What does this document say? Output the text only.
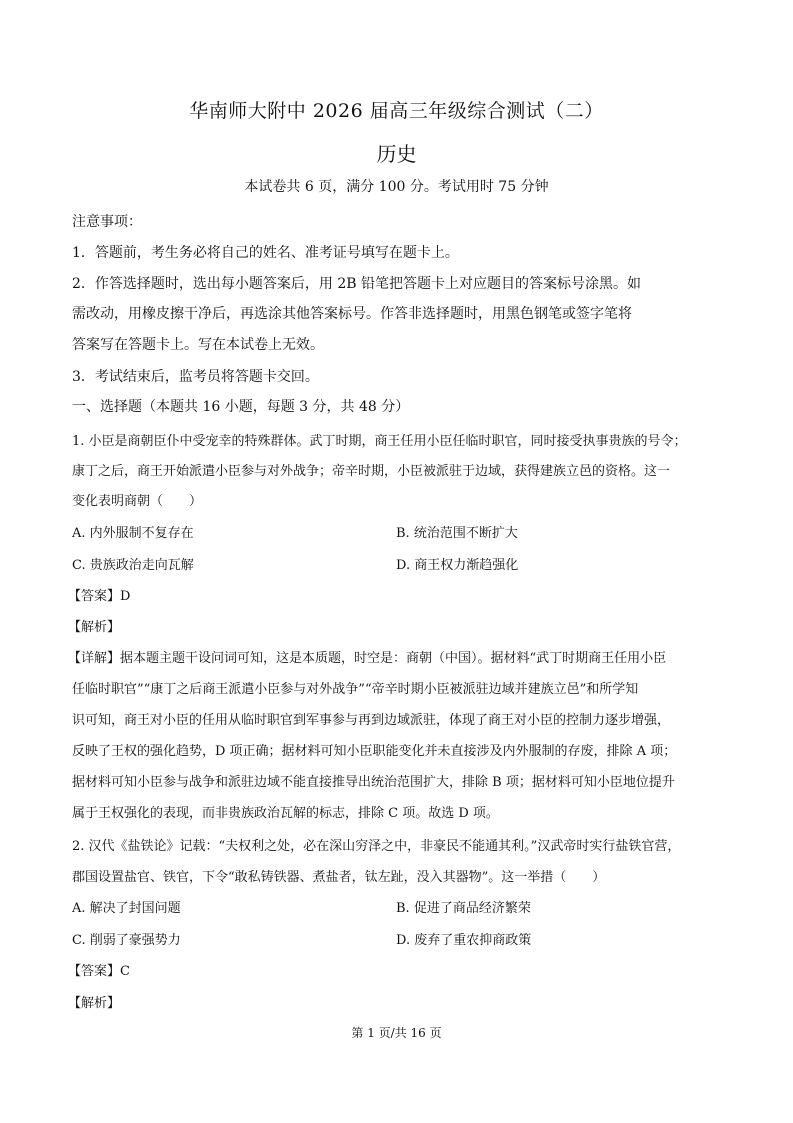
华南师大附中 2026 届高三年级综合测试（二）
历史
本试卷共 6 页，满分 100 分。考试用时 75 分钟
注意事项：
1．答题前，考生务必将自己的姓名、准考证号填写在题卡上。
2．作答选择题时，选出每小题答案后，用 2B 铅笔把答题卡上对应题目的答案标号涂黑。如
需改动，用橡皮擦干净后，再选涂其他答案标号。作答非选择题时，用黑色钢笔或签字笔将
答案写在答题卡上。写在本试卷上无效。
3．考试结束后，监考员将答题卡交回。
一、选择题（本题共 16 小题，每题 3 分，共 48 分）
1. 小臣是商朝臣仆中受宠幸的特殊群体。武丁时期，商王任用小臣任临时职官，同时接受执事贵族的号令；
康丁之后，商王开始派遣小臣参与对外战争；帝辛时期，小臣被派驻于边域，获得建族立邑的资格。这一
变化表明商朝（　　）
A. 内外服制不复存在	B. 统治范围不断扩大
C. 贵族政治走向瓦解	D. 商王权力渐趋强化
【答案】D
【解析】
【详解】据本题主题干设问词可知，这是本质题，时空是：商朝（中国）。据材料“武丁时期商王任用小臣
任临时职官”“康丁之后商王派遣小臣参与对外战争”“帝辛时期小臣被派驻边域并建族立邑”和所学知
识可知，商王对小臣的任用从临时职官到军事参与再到边域派驻，体现了商王对小臣的控制力逐步增强，
反映了王权的强化趋势，D 项正确；据材料可知小臣职能变化并未直接涉及内外服制的存废，排除 A 项；
据材料可知小臣参与战争和派驻边域不能直接推导出统治范围扩大，排除 B 项；据材料可知小臣地位提升
属于王权强化的表现，而非贵族政治瓦解的标志，排除 C 项。故选 D 项。
2. 汉代《盐铁论》记载：“夫权利之处，必在深山穷泽之中，非豪民不能通其利。”汉武帝时实行盐铁官营，
郡国设置盐官、铁官，下令“敢私铸铁器、煮盐者，钛左趾，没入其器物”。这一举措（　　）
A. 解决了封国问题	B. 促进了商品经济繁荣
C. 削弱了豪强势力	D. 废弃了重农抑商政策
【答案】C
【解析】
第 1 页/共 16 页
